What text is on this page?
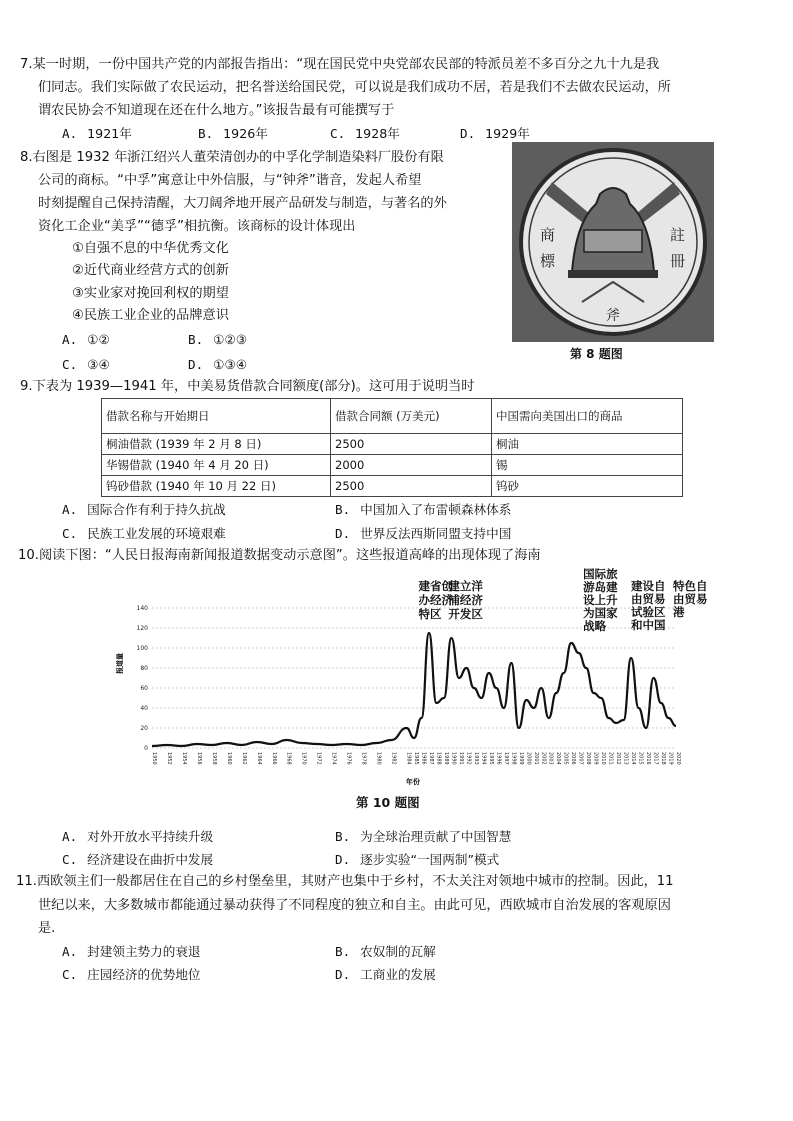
7.某一时期，一份中国共产党的内部报告指出：“现在国民党中央党部农民部的特派员差不多百分之九十九是我
们同志。我们实际做了农民运动，把名誉送给国民党，可以说是我们成功不居，若是我们不去做农民运动，所
谓农民协会不知道现在还在什么地方。”该报告最有可能撰写于
A. 1921年	B. 1926年	C. 1928年	D. 1929年
8.右图是 1932 年浙江绍兴人董荣清创办的中孚化学制造染料厂股份有限
公司的商标。“中孚”寓意让中外信服，与“钟斧”谐音，发起人希望
时刻提醒自己保持清醒，大刀阔斧地开展产品研发与制造，与著名的外
资化工企业“美孚”“德孚”相抗衡。该商标的设计体现出
①自强不息的中华优秀文化
②近代商业经营方式的创新
③实业家对挽回利权的期望
④民族工业企业的品牌意识
A. ①②	B. ①②③
C. ③④	D. ①③④
商
標
註
冊
斧
第 8 题图
9.下表为 1939—1941 年，中美易货借款合同额度(部分)。这可用于说明当时
借款名称与开始期日	借款合同额 (万美元)	中国需向美国出口的商品
桐油借款 (1939 年 2 月 8 日)	2500	桐油
华锡借款 (1940 年 4 月 20 日)	2000	锡
钨砂借款 (1940 年 10 月 22 日)	2500	钨砂
A. 国际合作有利于持久抗战	B. 中国加入了布雷顿森林体系
C. 民族工业发展的环境艰难	D. 世界反法西斯同盟支持中国
10.阅读下图：“人民日报海南新闻报道数据变动示意图”。这些报道高峰的出现体现了海南
0
20
40
60
80
100
120
140
1950 1952 1954 1956 1958 1960 1962 1964 1966 1968 1970 1972 1974 1976 1978 1980 1982 1984 1985 1986 1987 1988 1989 1990 1991 1992 1993 1994 1995 1996 1997 1998 1999 2000 2001 2002 2003 2004 2005 2006 2007 2008 2009 2010 2011 2012 2013 2014 2015 2016 2017 2018 2019 2020
报道量
年份
建省创
办经济
特区
建立洋
浦经济
开发区
国际旅
游岛建
设上升
为国家
战略
建设自
由贸易
试验区
和中国
特色自
由贸易
港
第 10 题图
A. 对外开放水平持续升级	B. 为全球治理贡献了中国智慧
C. 经济建设在曲折中发展	D. 逐步实验“一国两制”模式
11.西欧领主们一般都居住在自己的乡村堡垒里，其财产也集中于乡村，不太关注对领地中城市的控制。因此，11
世纪以来，大多数城市都能通过暴动获得了不同程度的独立和自主。由此可见，西欧城市自治发展的客观原因
是.
A. 封建领主势力的衰退	B. 农奴制的瓦解
C. 庄园经济的优势地位	D. 工商业的发展
